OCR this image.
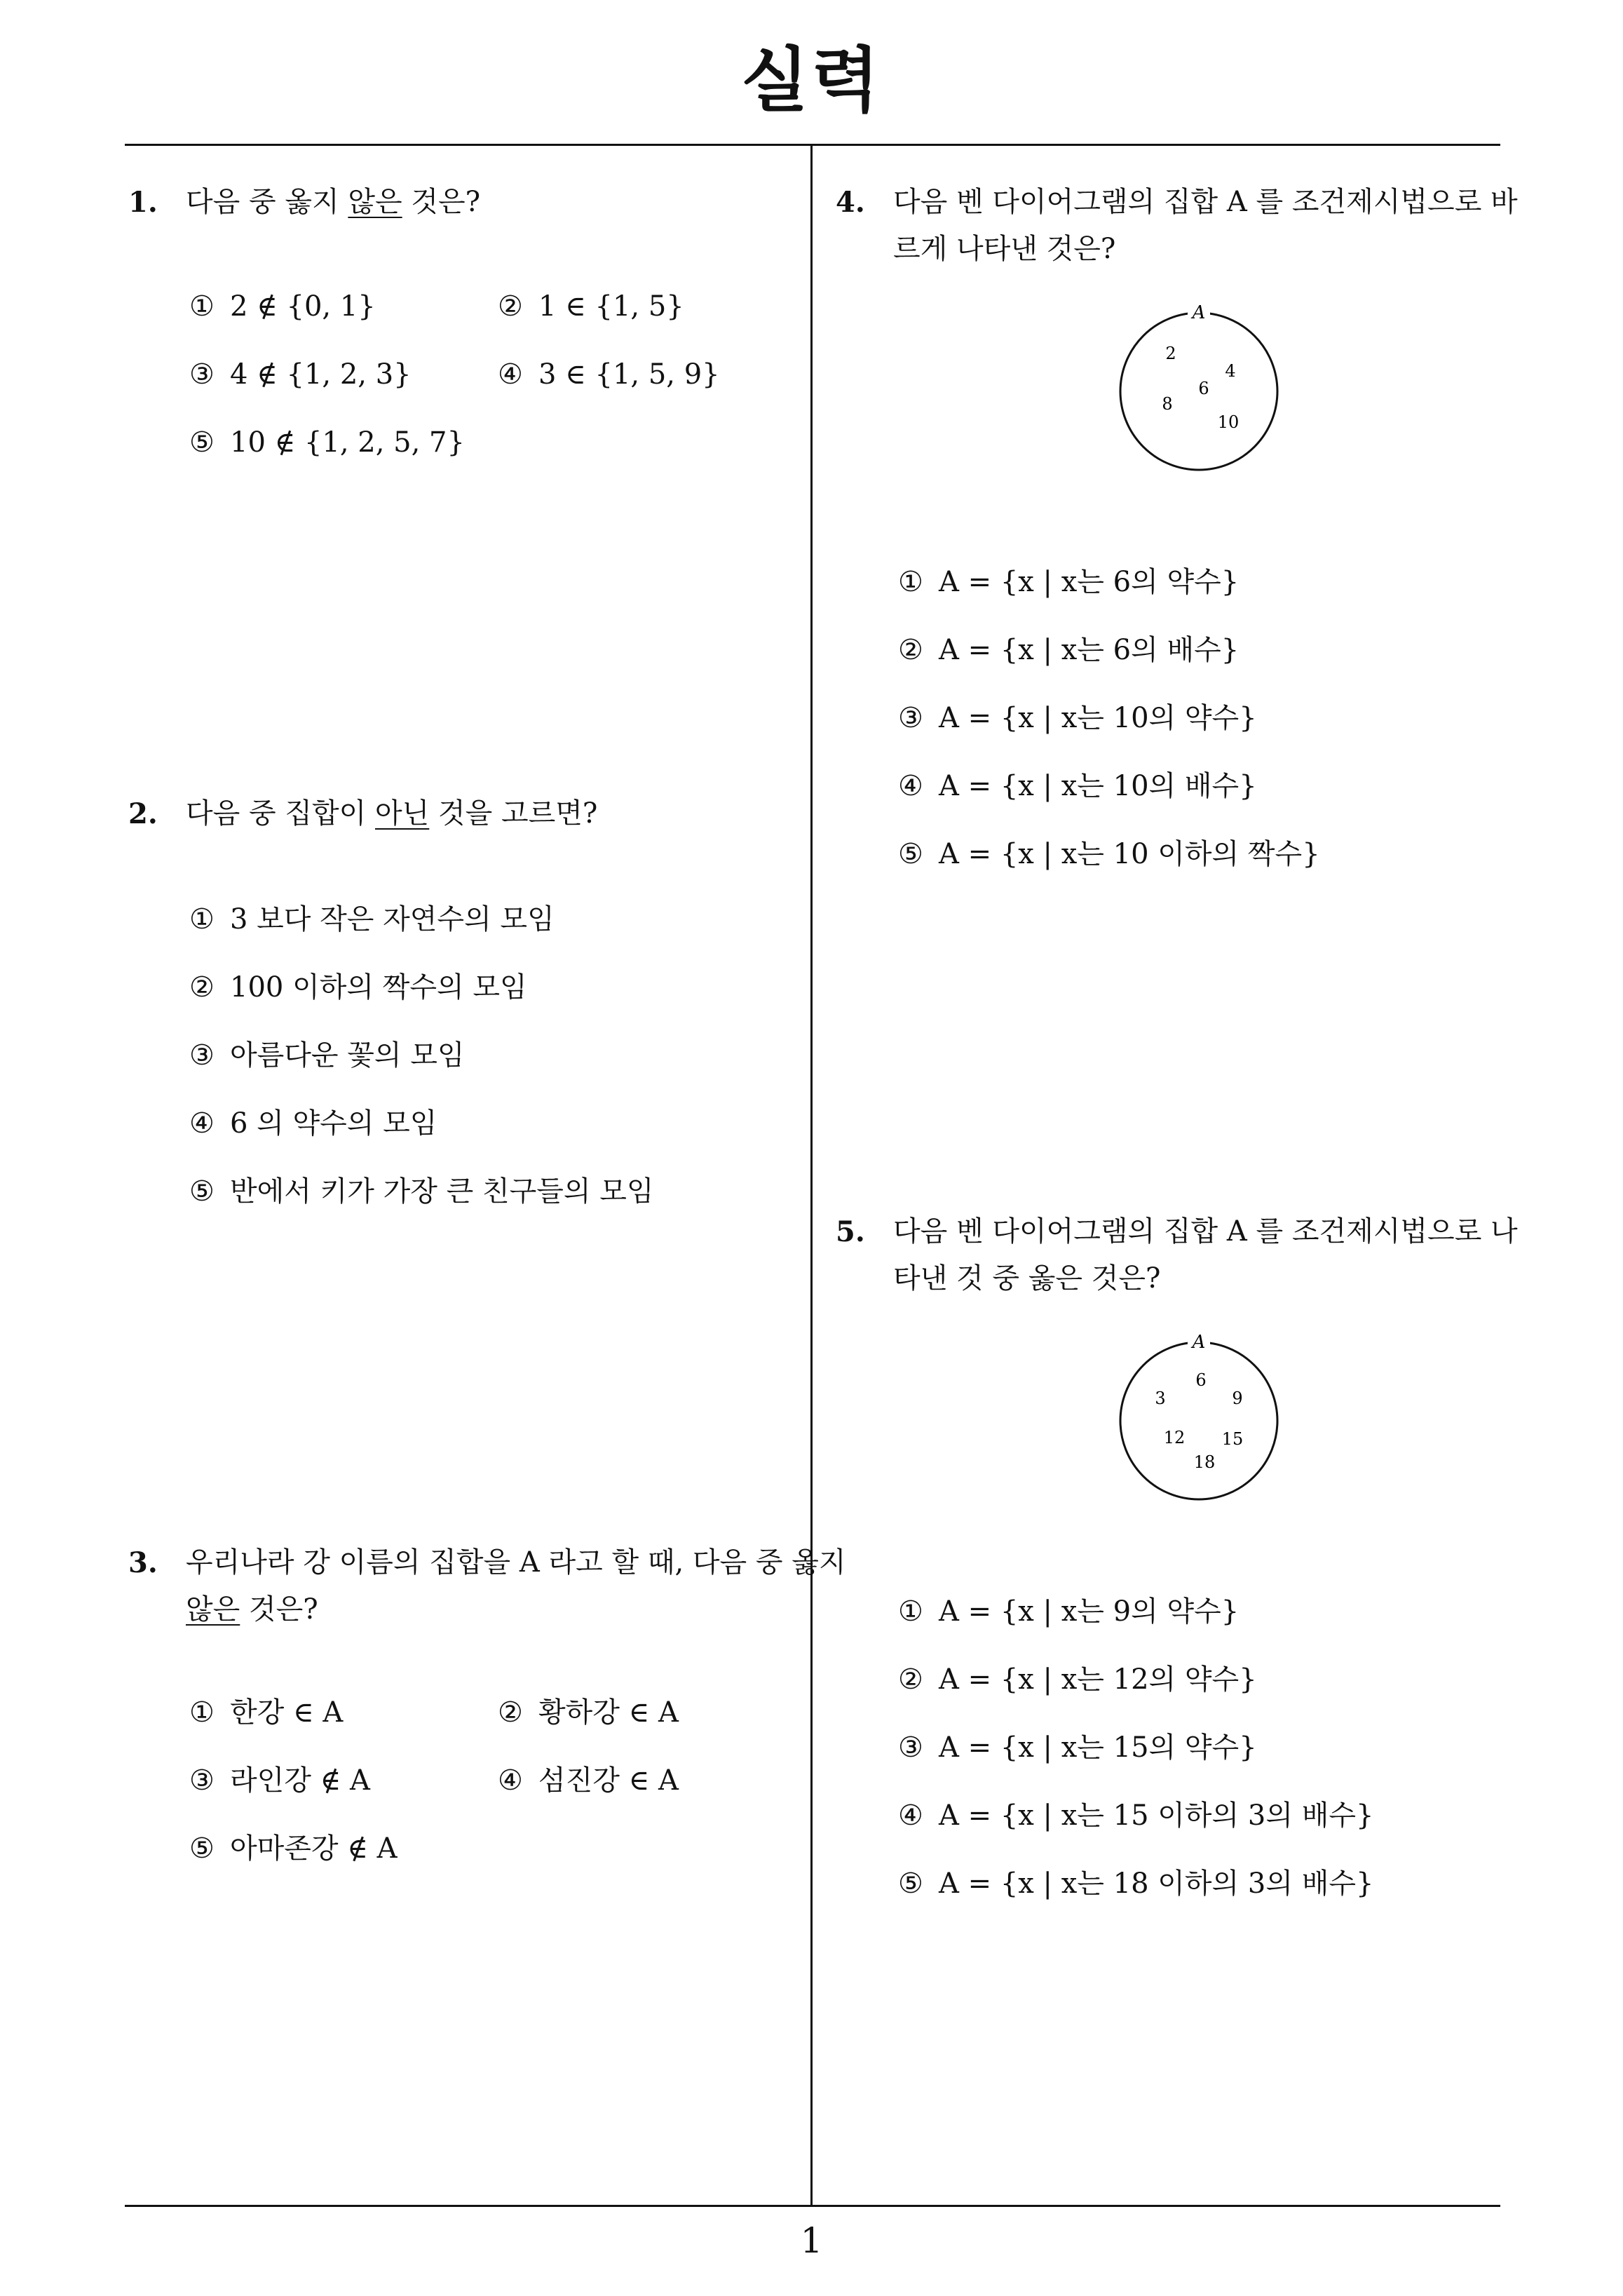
실력
1
1. 다음 중 옳지 않은 것은?
① 2 ∉ {0, 1}	② 1 ∈ {1, 5}
③ 4 ∉ {1, 2, 3}	④ 3 ∈ {1, 5, 9}
⑤ 10 ∉ {1, 2, 5, 7}
2. 다음 중 집합이 아닌 것을 고르면?
① 3 보다 작은 자연수의 모임
② 100 이하의 짝수의 모임
③ 아름다운 꽃의 모임
④ 6 의 약수의 모임
⑤ 반에서 키가 가장 큰 친구들의 모임
3. 우리나라 강 이름의 집합을 A 라고 할 때, 다음 중 옳지
않은 것은?
① 한강 ∈ A	② 황하강 ∈ A
③ 라인강 ∉ A	④ 섬진강 ∈ A
⑤ 아마존강 ∉ A
4. 다음 벤 다이어그램의 집합 A 를 조건제시법으로 바
르게 나타낸 것은?
A
2
4
6
8
10
① A = {x | x는 6의 약수}
② A = {x | x는 6의 배수}
③ A = {x | x는 10의 약수}
④ A = {x | x는 10의 배수}
⑤ A = {x | x는 10 이하의 짝수}
5. 다음 벤 다이어그램의 집합 A 를 조건제시법으로 나
타낸 것 중 옳은 것은?
A
3
6
9
12 15
18
① A = {x | x는 9의 약수}
② A = {x | x는 12의 약수}
③ A = {x | x는 15의 약수}
④ A = {x | x는 15 이하의 3의 배수}
⑤ A = {x | x는 18 이하의 3의 배수}
